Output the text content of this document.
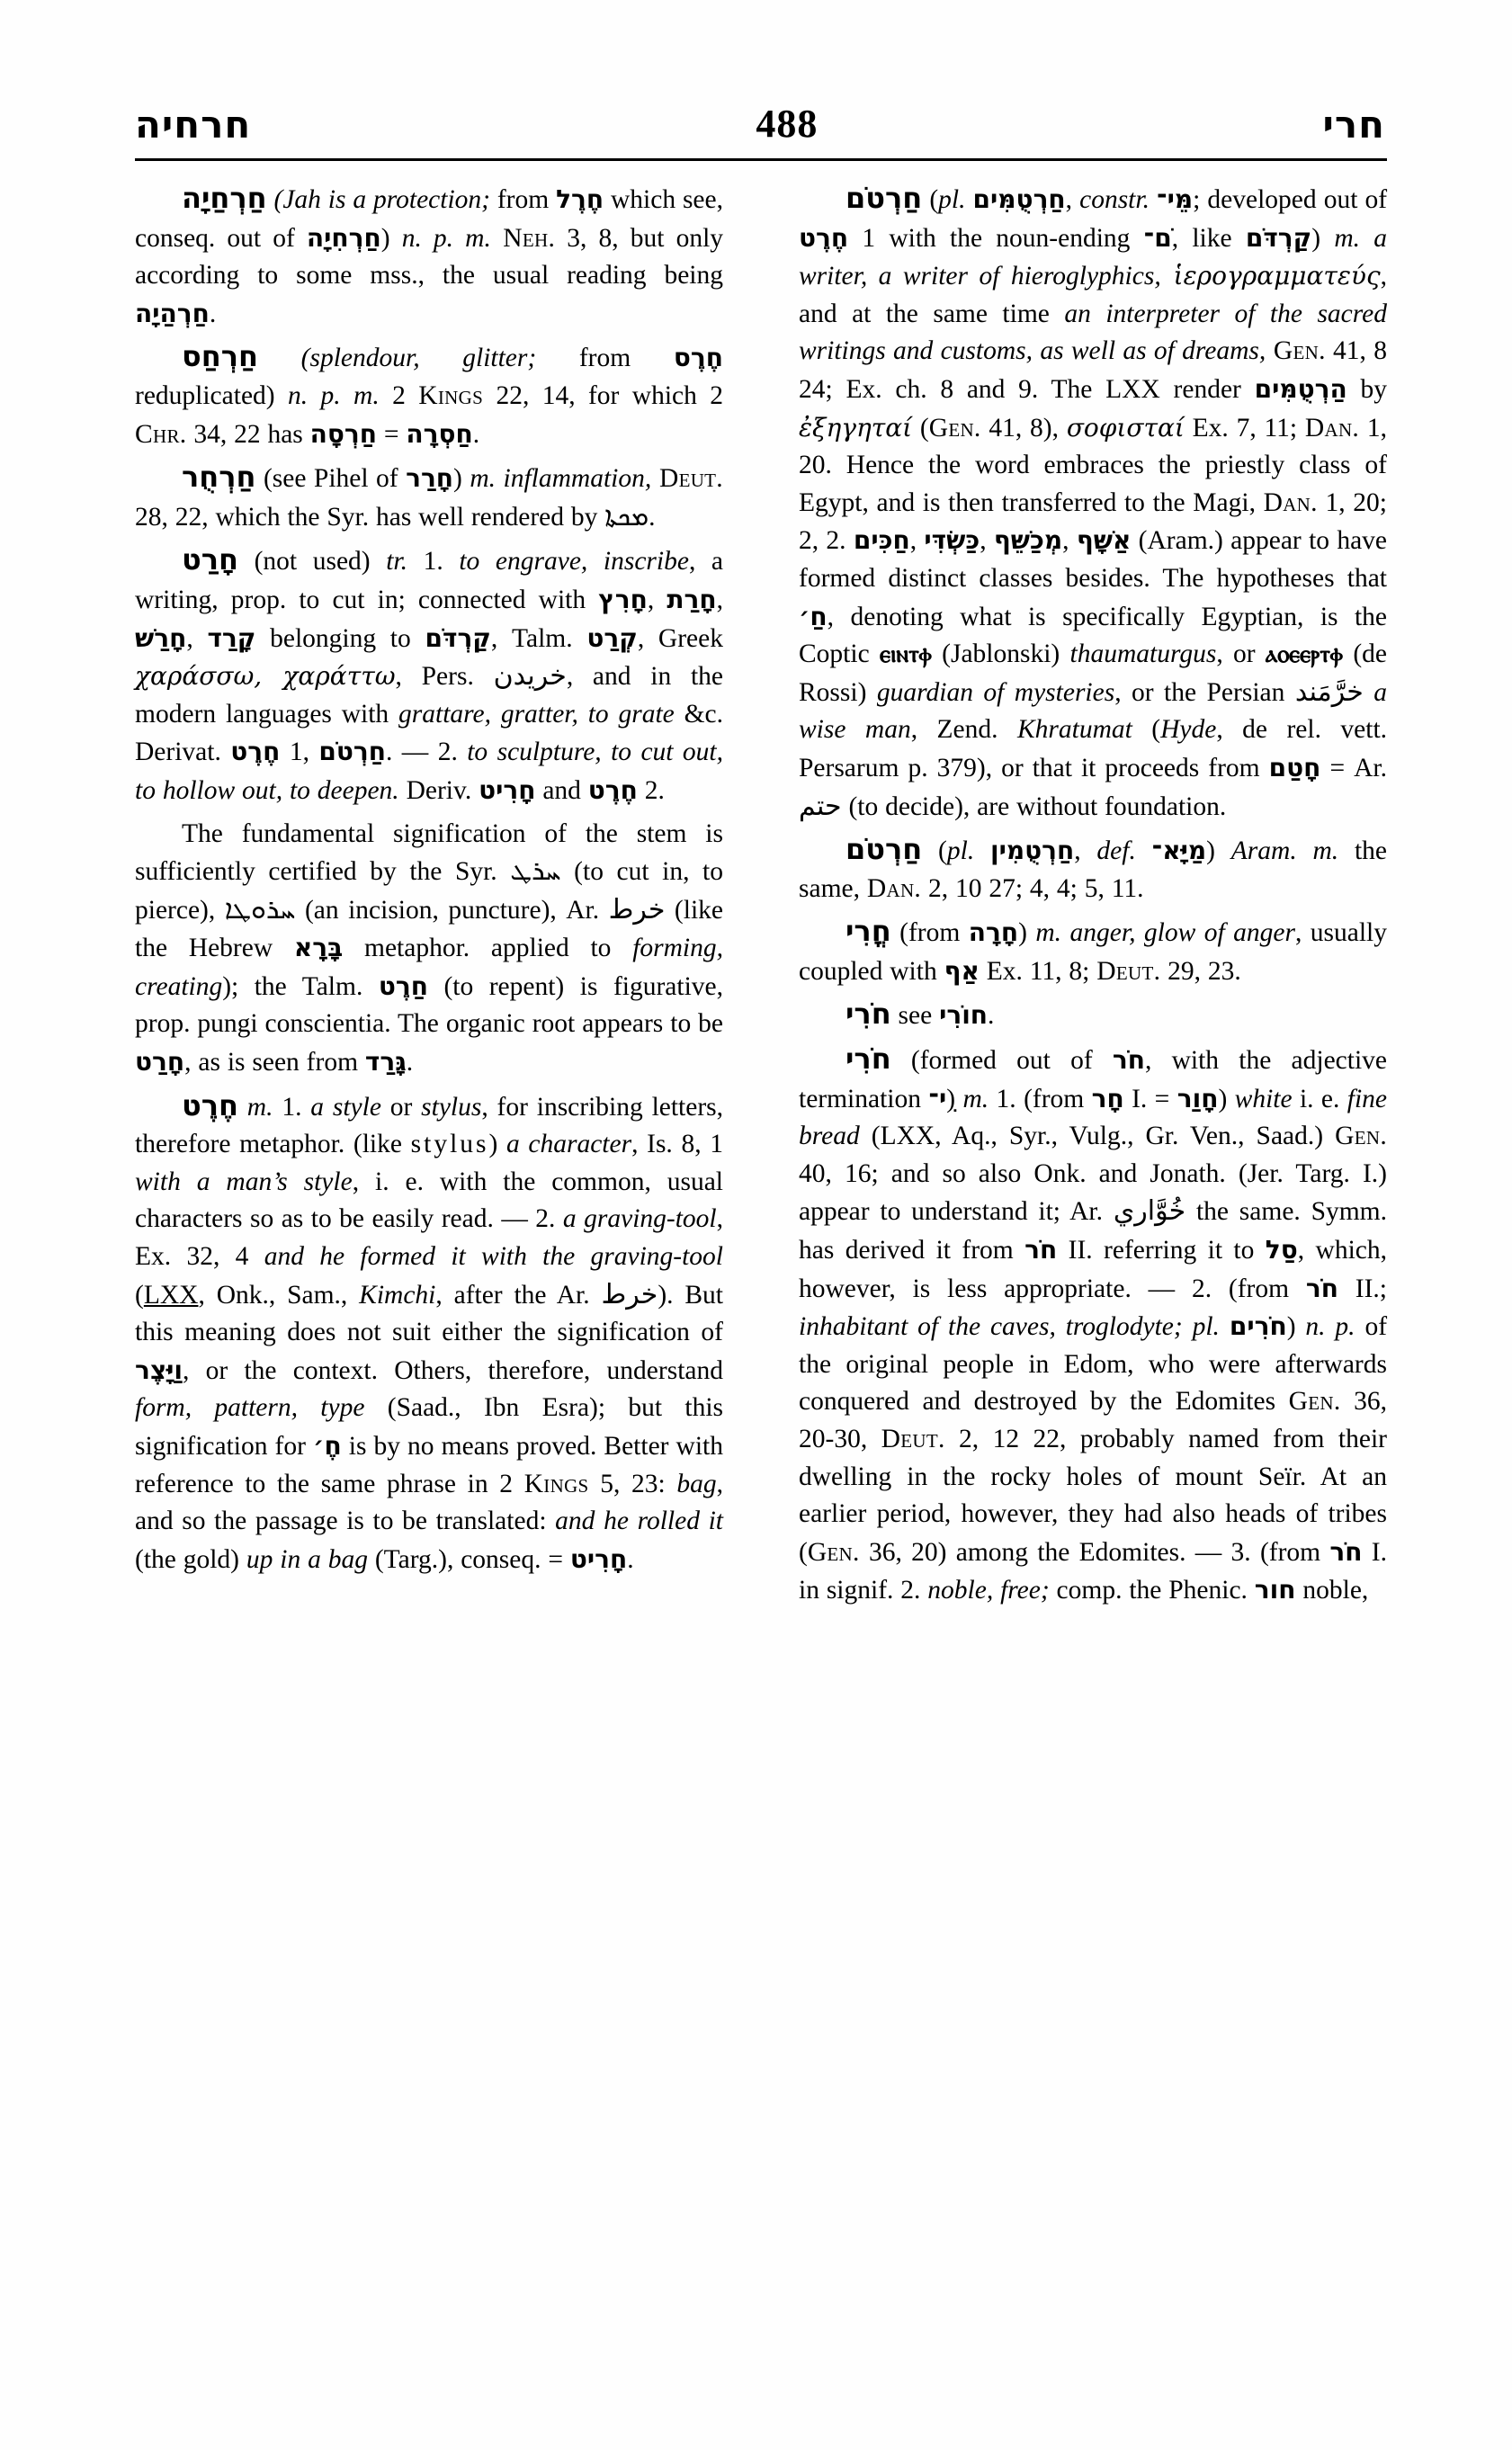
חרחיה	488	חרי

חַרְחַיָה (Jah is a protection; from חֶרֶל which see, conseq. out of חַרְחִיָה) n. p. m. Neh. 3, 8, but only according to some mss., the usual reading being חַרְהַיָה.

חַרְחַס (splendour, glitter; from חֶרֶס reduplicated) n. p. m. 2 Kings 22, 14, for which 2 Chr. 34, 22 has חַרְסָה = חַסְרָה.

חַרְחֻר (see Pihel of חָרַר) m. inflammation, Deut. 28, 22, which the Syr. has well rendered by ܡܟܬܐ.

חָרַט (not used) tr. 1. to engrave, inscribe, a writing, prop. to cut in; connected with חָרִץ, חָרַת, חָרַשׁ, קָרַד belonging to קַרְדֹּם, Talm. קְרַט, Greek χαράσσω, χαράττω, Pers. خريدن, and in the modern languages with grattare, gratter, to grate &c. Derivat. חֶרֶט 1, חַרְטֹם. — 2. to sculpture, to cut out, to hollow out, to deepen. Deriv. חָרִיט and חֶרֶט 2.

The fundamental signification of the stem is sufficiently certified by the Syr. ܚܪܛ (to cut in, to pierce), ܚܪܘܛܐ (an incision, puncture), Ar. خرط (like the Hebrew בָּרָא metaphor. applied to forming, creating); the Talm. חַרֶט (to repent) is figurative, prop. pungi conscientia. The organic root appears to be חָרַט, as is seen from גָּרַד.

חֶרֶט m. 1. a style or stylus, for inscribing letters, therefore metaphor. (like stylus) a character, Is. 8, 1 with a man’s style, i. e. with the common, usual characters so as to be easily read. — 2. a graving-tool, Ex. 32, 4 and he formed it with the graving-tool (LXX, Onk., Sam., Kimchi, after the Ar. خرط). But this meaning does not suit either the signification of וַיָּצֶר, or the context. Others, therefore, understand form, pattern, type (Saad., Ibn Esra); but this signification for חֶ׳ is by no means proved. Better with reference to the same phrase in 2 Kings 5, 23: bag, and so the passage is to be translated: and he rolled it (the gold) up in a bag (Targ.), conseq. = חָרִיט.

חַרְטֹם (pl. חַרְטֻמִּים, constr. מֵּי־; developed out of חֶרֶט 1 with the noun-ending ֹם־, like קַרְדֹּם) m. a writer, a writer of hieroglyphics, ἱερογραμματεύς, and at the same time an interpreter of the sacred writings and customs, as well as of dreams, Gen. 41, 8 24; Ex. ch. 8 and 9. The LXX render הַרְטֻמִּים by ἐξηγηταί (Gen. 41, 8), σοφισταί Ex. 7, 11; Dan. 1, 20. Hence the word embraces the priestly class of Egypt, and is then transferred to the Magi, Dan. 1, 20; 2, 2. חַכִּים, כַּשְׂדִּי, מְכַשֵּׁף, אַשָּׁף (Aram.) appear to have formed distinct classes besides. The hypotheses that חַ׳, denoting what is specifically Egyptian, is the Coptic ⲉⲓⲛⲧⲫ (Jablonski) thaumaturgus, or ⲁⲟⲉⲉⲣⲧⲫ (de Rossi) guardian of mysteries, or the Persian خرَّمَند a wise man, Zend. Khratumat (Hyde, de rel. vett. Persarum p. 379), or that it proceeds from חָטַם = Ar. حتم (to decide), are without foundation.

חַרְטֹם (pl. חַרְטֻמִין, def. מַיָּא־) Aram. m. the same, Dan. 2, 10 27; 4, 4; 5, 11.

חֳרִי (from חָרָה) m. anger, glow of anger, usually coupled with אַף Ex. 11, 8; Deut. 29, 23.

חֹרִי see חוֹרִי.

חֹרִי (formed out of חֹר, with the adjective termination ִי־) m. 1. (from חָר I. = חָוַר) white i. e. fine bread (LXX, Aq., Syr., Vulg., Gr. Ven., Saad.) Gen. 40, 16; and so also Onk. and Jonath. (Jer. Targ. I.) appear to understand it; Ar. خُوَّاري the same. Symm. has derived it from חֹר II. referring it to סַל, which, however, is less appropriate. — 2. (from חֹר II.; inhabitant of the caves, troglodyte; pl. חֹרִים) n. p. of the original people in Edom, who were afterwards conquered and destroyed by the Edomites Gen. 36, 20-30, Deut. 2, 12 22, probably named from their dwelling in the rocky holes of mount Seïr. At an earlier period, however, they had also heads of tribes (Gen. 36, 20) among the Edomites. — 3. (from חֹר I. in signif. 2. noble, free; comp. the Phenic. חור noble,
